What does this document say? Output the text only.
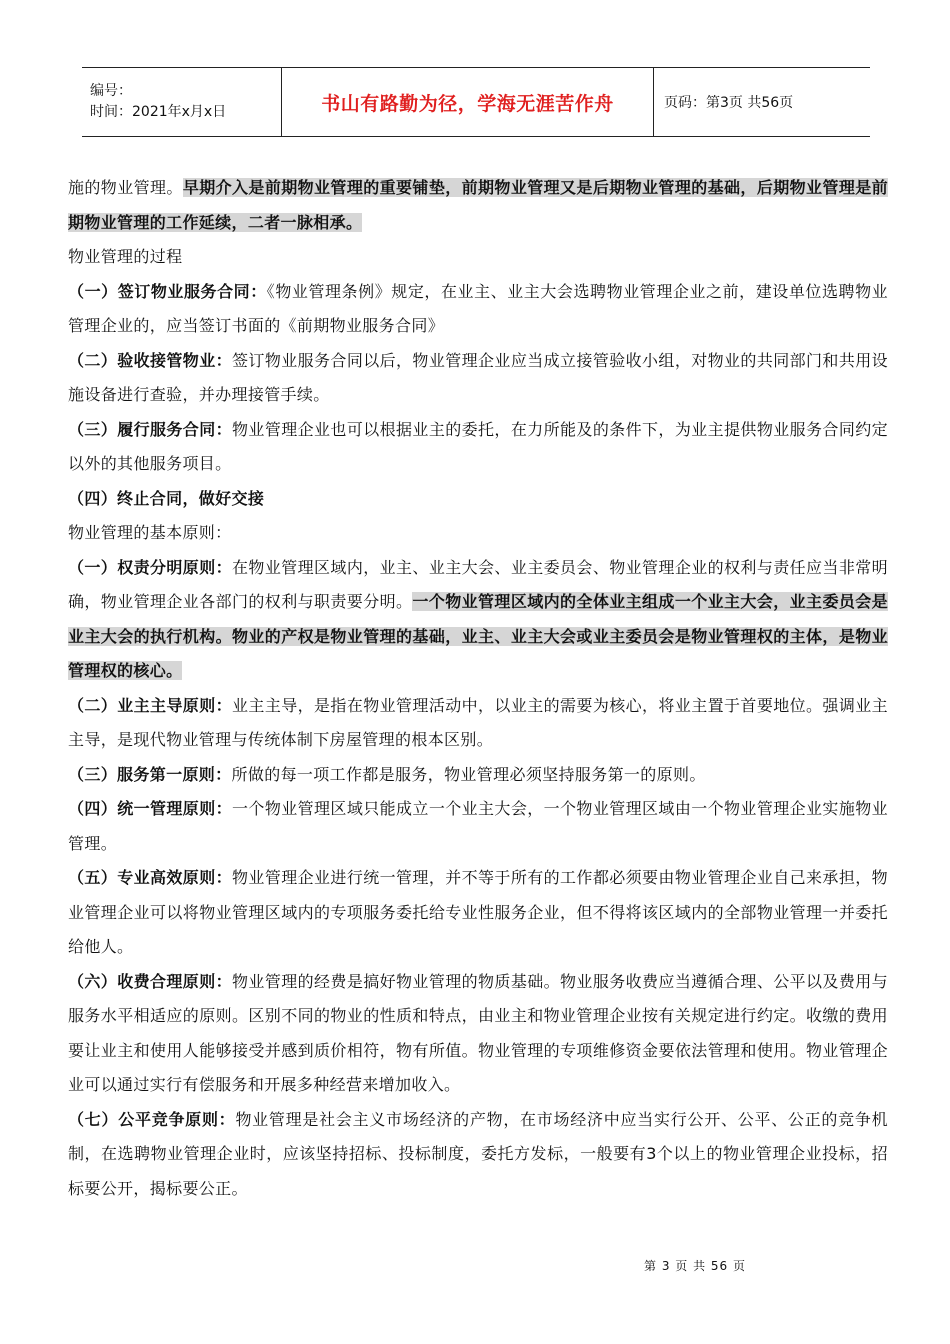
编号：
时间：2021年x月x日	书山有路勤为径，学海无涯苦作舟	页码：第3页 共56页

施的物业管理。早期介入是前期物业管理的重要铺垫，前期物业管理又是后期物业管理的基础，后期物业管理是前期物业管理的工作延续，二者一脉相承。

物业管理的过程

（一）签订物业服务合同：《物业管理条例》规定，在业主、业主大会选聘物业管理企业之前，建设单位选聘物业管理企业的，应当签订书面的《前期物业服务合同》

（二）验收接管物业：签订物业服务合同以后，物业管理企业应当成立接管验收小组，对物业的共同部门和共用设施设备进行查验，并办理接管手续。

（三）履行服务合同：物业管理企业也可以根据业主的委托，在力所能及的条件下，为业主提供物业服务合同约定以外的其他服务项目。

（四）终止合同，做好交接

物业管理的基本原则：

（一）权责分明原则：在物业管理区域内，业主、业主大会、业主委员会、物业管理企业的权利与责任应当非常明确，物业管理企业各部门的权利与职责要分明。一个物业管理区域内的全体业主组成一个业主大会，业主委员会是业主大会的执行机构。物业的产权是物业管理的基础，业主、业主大会或业主委员会是物业管理权的主体，是物业管理权的核心。

（二）业主主导原则：业主主导，是指在物业管理活动中，以业主的需要为核心，将业主置于首要地位。强调业主主导，是现代物业管理与传统体制下房屋管理的根本区别。

（三）服务第一原则：所做的每一项工作都是服务，物业管理必须坚持服务第一的原则。

（四）统一管理原则：一个物业管理区域只能成立一个业主大会，一个物业管理区域由一个物业管理企业实施物业管理。

（五）专业高效原则：物业管理企业进行统一管理，并不等于所有的工作都必须要由物业管理企业自己来承担，物业管理企业可以将物业管理区域内的专项服务委托给专业性服务企业，但不得将该区域内的全部物业管理一并委托给他人。

（六）收费合理原则：物业管理的经费是搞好物业管理的物质基础。物业服务收费应当遵循合理、公平以及费用与服务水平相适应的原则。区别不同的物业的性质和特点，由业主和物业管理企业按有关规定进行约定。收缴的费用要让业主和使用人能够接受并感到质价相符，物有所值。物业管理的专项维修资金要依法管理和使用。物业管理企业可以通过实行有偿服务和开展多种经营来增加收入。

（七）公平竞争原则：物业管理是社会主义市场经济的产物，在市场经济中应当实行公开、公平、公正的竞争机制，在选聘物业管理企业时，应该坚持招标、投标制度，委托方发标，一般要有3个以上的物业管理企业投标，招标要公开，揭标要公正。

第 3 页 共 56 页
